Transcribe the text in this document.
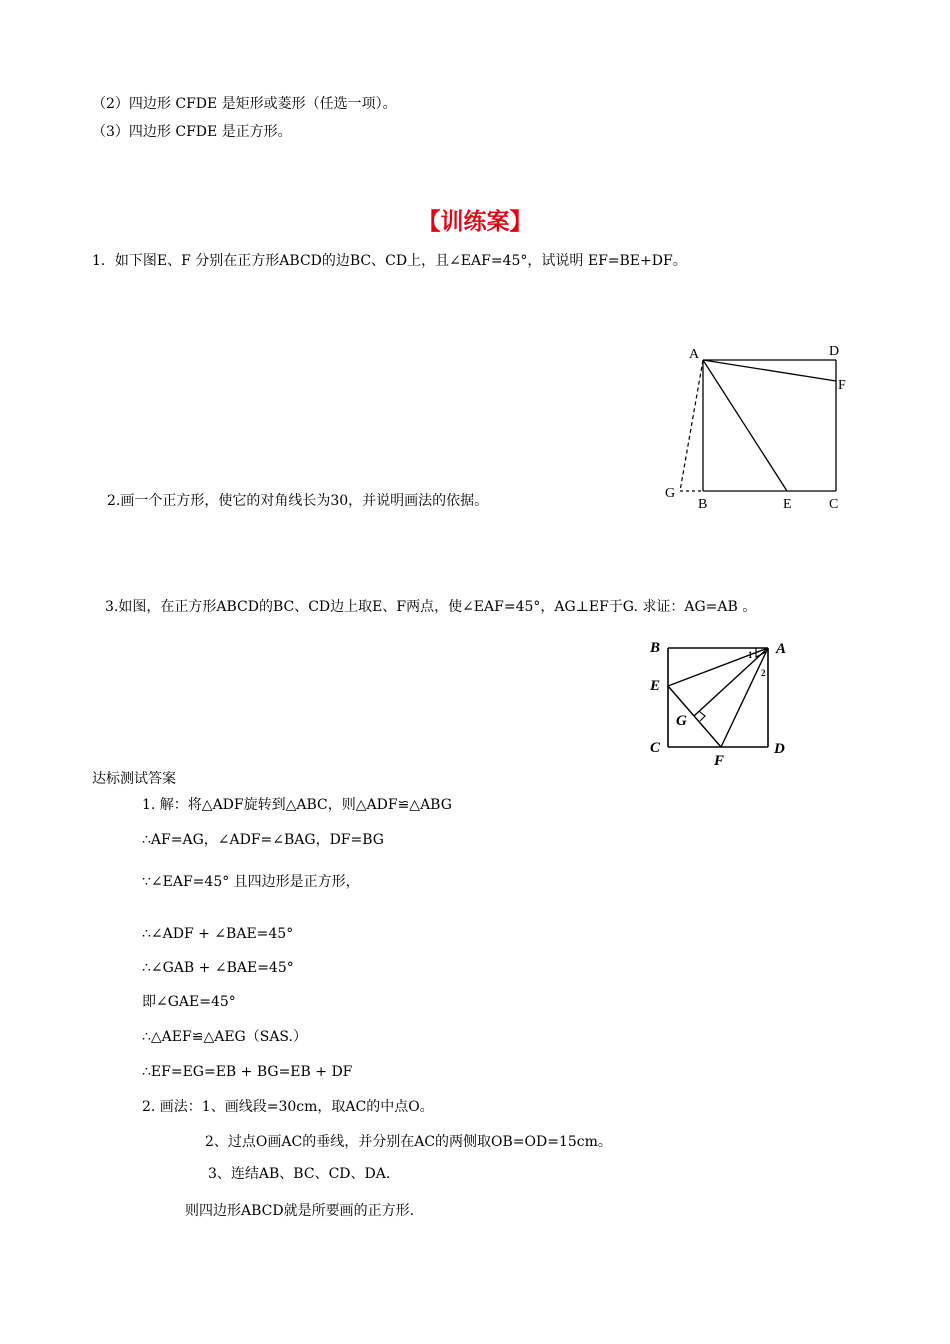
（2）四边形 CFDE 是矩形或菱形（任选一项）。
（3）四边形 CFDE 是正方形。
【训练案】
1．如下图E、F 分别在正方形ABCD的边BC、CD上，且∠EAF=45°，试说明 EF=BE+DF。
2.画一个正方形，使它的对角线长为30，并说明画法的依据。
3.如图，在正方形ABCD的BC、CD边上取E、F两点，使∠EAF=45°，AG⊥EF于G. 求证：AG=AB 。
A	D
F
G
B	E	C
B	A
E
G
C
F
D
1
2
达标测试答案
1. 解：将△ADF旋转到△ABC，则△ADF≌△ABG
∴AF=AG，∠ADF=∠BAG，DF=BG
∵∠EAF=45° 且四边形是正方形，
∴∠ADF + ∠BAE=45°
∴∠GAB + ∠BAE=45°
即∠GAE=45°
∴△AEF≌△AEG（SAS.）
∴EF=EG=EB + BG=EB + DF
2. 画法：1、画线段=30cm，取AC的中点O。
2、过点O画AC的垂线，并分别在AC的两侧取OB=OD=15cm。
3、连结AB、BC、CD、DA.
则四边形ABCD就是所要画的正方形.
